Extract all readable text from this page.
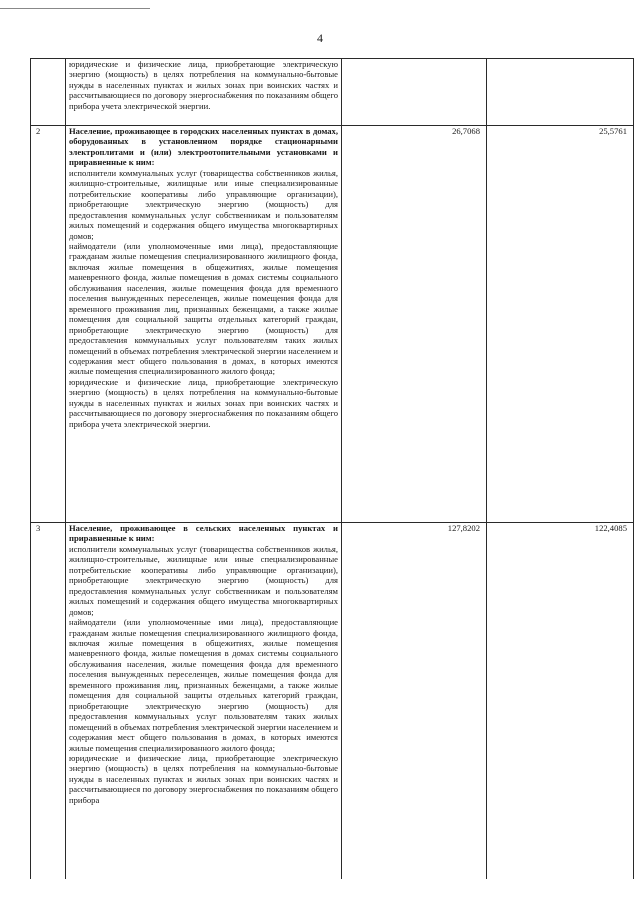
4

	юридические и физические лица, приобретающие электрическую энергию (мощность) в целях потребления на коммунально-бытовые нужды в населенных пунктах и жилых зонах при воинских частях и рассчитывающиеся по договору энергоснабжения по показаниям общего прибора учета электрической энергии.		

2	Население, проживающее в городских населенных пунктах в домах, оборудованных в установленном порядке стационарными электроплитами и (или) электроотопительными установками и приравненные к ним:

исполнители коммунальных услуг (товарищества собственников жилья, жилищно-строительные, жилищные или иные специализированные потребительские кооперативы либо управляющие организации), приобретающие электрическую энергию (мощность) для предоставления коммунальных услуг собственникам и пользователям жилых помещений и содержания общего имущества многоквартирных домов;

наймодатели (или уполномоченные ими лица), предоставляющие гражданам жилые помещения специализированного жилищного фонда, включая жилые помещения в общежитиях, жилые помещения маневренного фонда, жилые помещения в домах системы социального обслуживания населения, жилые помещения фонда для временного поселения вынужденных переселенцев, жилые помещения фонда для временного проживания лиц, признанных беженцами, а также жилые помещения для социальной защиты отдельных категорий граждан, приобретающие электрическую энергию (мощность) для предоставления коммунальных услуг пользователям таких жилых помещений в объемах потребления электрической энергии населением и содержания мест общего пользования в домах, в которых имеются жилые помещения специализированного жилого фонда;

юридические и физические лица, приобретающие электрическую энергию (мощность) в целях потребления на коммунально-бытовые нужды в населенных пунктах и жилых зонах при воинских частях и рассчитывающиеся по договору энергоснабжения по показаниям общего прибора учета электрической энергии.	26,7068	25,5761
3	Население, проживающее в сельских населенных пунктах и приравненные к ним:

исполнители коммунальных услуг (товарищества собственников жилья, жилищно-строительные, жилищные или иные специализированные потребительские кооперативы либо управляющие организации), приобретающие электрическую энергию (мощность) для предоставления коммунальных услуг собственникам и пользователям жилых помещений и содержания общего имущества многоквартирных домов;

наймодатели (или уполномоченные ими лица), предоставляющие гражданам жилые помещения специализированного жилищного фонда, включая жилые помещения в общежитиях, жилые помещения маневренного фонда, жилые помещения в домах системы социального обслуживания населения, жилые помещения фонда для временного поселения вынужденных переселенцев, жилые помещения фонда для временного проживания лиц, признанных беженцами, а также жилые помещения для социальной защиты отдельных категорий граждан, приобретающие электрическую энергию (мощность) для предоставления коммунальных услуг пользователям таких жилых помещений в объемах потребления электрической энергии населением и содержания мест общего пользования в домах, в которых имеются жилые помещения специализированного жилого фонда;

юридические и физические лица, приобретающие электрическую энергию (мощность) в целях потребления на коммунально-бытовые нужды в населенных пунктах и жилых зонах при воинских частях и рассчитывающиеся по договору энергоснабжения по показаниям общего прибора	127,8202	122,4085
